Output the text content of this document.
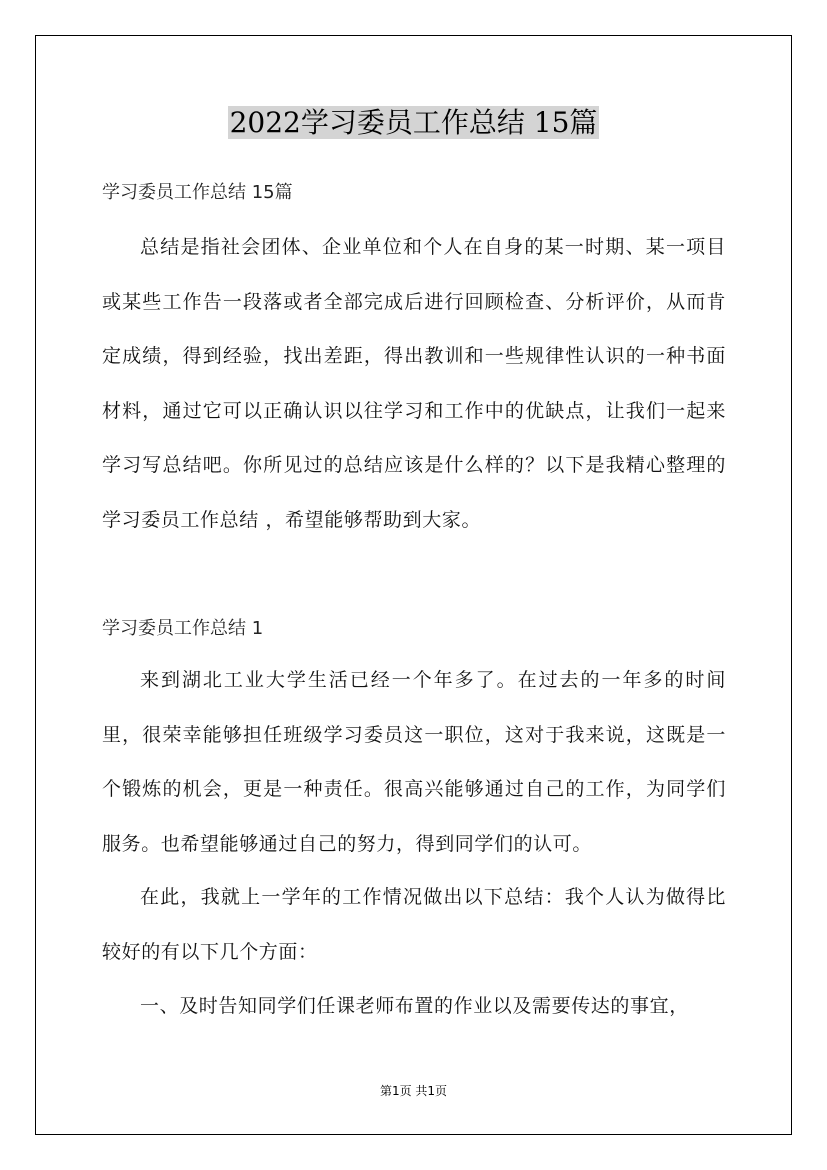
2022学习委员工作总结 15篇
学习委员工作总结 15篇
总结是指社会团体、企业单位和个人在自身的某一时期、某一项目或某些工作告一段落或者全部完成后进行回顾检查、分析评价，从而肯定成绩，得到经验，找出差距，得出教训和一些规律性认识的一种书面材料，通过它可以正确认识以往学习和工作中的优缺点，让我们一起来学习写总结吧。你所见过的总结应该是什么样的？以下是我精心整理的学习委员工作总结 ，希望能够帮助到大家。
学习委员工作总结 1
来到湖北工业大学生活已经一个年多了。在过去的一年多的时间里，很荣幸能够担任班级学习委员这一职位，这对于我来说，这既是一个锻炼的机会，更是一种责任。很高兴能够通过自己的工作，为同学们服务。也希望能够通过自己的努力，得到同学们的认可。
在此，我就上一学年的工作情况做出以下总结：我个人认为做得比较好的有以下几个方面：
一、及时告知同学们任课老师布置的作业以及需要传达的事宜，
第1页 共1页
